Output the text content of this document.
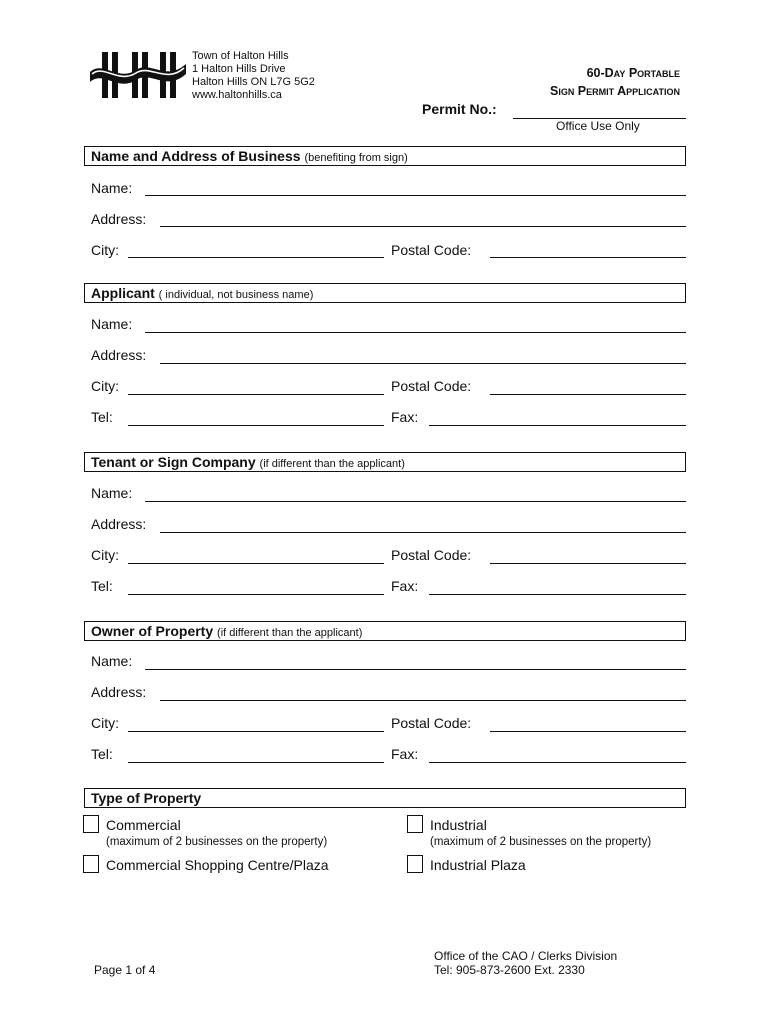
Town of Halton Hills
1 Halton Hills Drive
Halton Hills ON L7G 5G2
www.haltonhills.ca
60-Day Portable
Sign Permit Application
Permit No.:
Office Use Only
Name and Address of Business (benefiting from sign)
Name:
Address:
City:	Postal Code:
Applicant ( individual, not business name)
Name:
Address:
City:	Postal Code:
Tel:	Fax:
Tenant or Sign Company (if different than the applicant)
Name:
Address:
City:	Postal Code:
Tel:	Fax:
Owner of Property (if different than the applicant)
Name:
Address:
City:	Postal Code:
Tel:	Fax:
Type of Property
Commercial
(maximum of 2 businesses on the property)
Industrial
(maximum of 2 businesses on the property)
Commercial Shopping Centre/Plaza	Industrial Plaza
Page 1 of 4
Office of the CAO / Clerks Division
Tel: 905-873-2600 Ext. 2330
